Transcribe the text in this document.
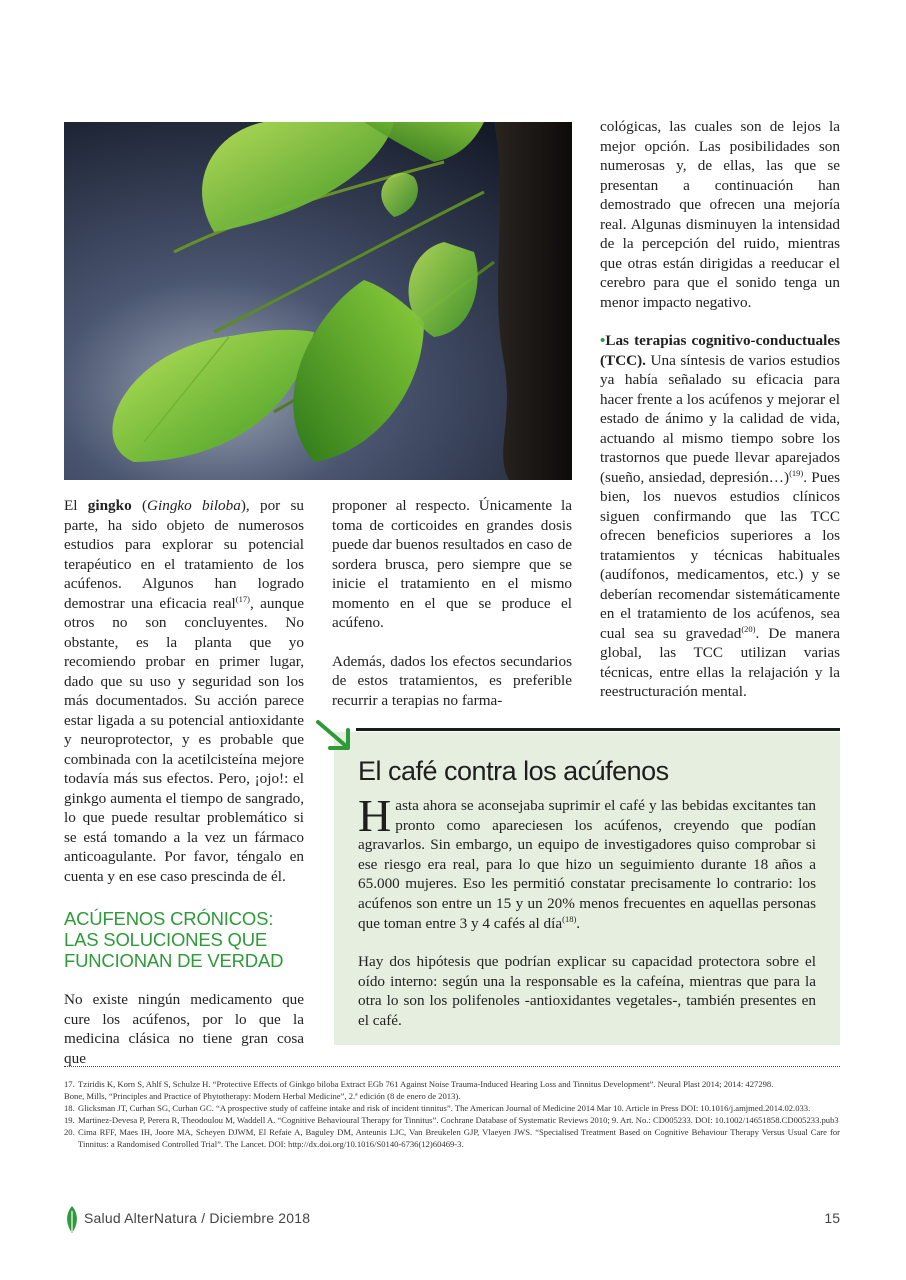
El gingko (Gingko biloba), por su parte, ha sido objeto de numerosos estudios para explorar su potencial terapéutico en el tratamiento de los acúfenos. Algunos han logrado demostrar una eficacia real$^{(17)}$, aunque otros no son concluyentes. No obstante, es la planta que yo recomiendo probar en primer lugar, dado que su uso y seguridad son los más documentados. Su acción parece estar ligada a su potencial antioxidante y neuroprotector, y es probable que combinada con la acetilcisteína mejore todavía más sus efectos. Pero, ¡ojo!: el ginkgo aumenta el tiempo de sangrado, lo que puede resultar problemático si se está tomando a la vez un fármaco anticoagulante. Por favor, téngalo en cuenta y en ese caso prescinda de él.

ACÚFENOS CRÓNICOS: LAS SOLUCIONES QUE FUNCIONAN DE VERDAD

No existe ningún medicamento que cure los acúfenos, por lo que la medicina clásica no tiene gran cosa que

proponer al respecto. Únicamente la toma de corticoides en grandes dosis puede dar buenos resultados en caso de sordera brusca, pero siempre que se inicie el tratamiento en el mismo momento en el que se produce el acúfeno.

Además, dados los efectos secundarios de estos tratamientos, es preferible recurrir a terapias no farma-

cológicas, las cuales son de lejos la mejor opción. Las posibilidades son numerosas y, de ellas, las que se presentan a continuación han demostrado que ofrecen una mejoría real. Algunas disminuyen la intensidad de la percepción del ruido, mientras que otras están dirigidas a reeducar el cerebro para que el sonido tenga un menor impacto negativo.

•Las terapias cognitivo-conductuales (TCC). Una síntesis de varios estudios ya había señalado su eficacia para hacer frente a los acúfenos y mejorar el estado de ánimo y la calidad de vida, actuando al mismo tiempo sobre los trastornos que puede llevar aparejados (sueño, ansiedad, depresión…)$^{(19)}$. Pues bien, los nuevos estudios clínicos siguen confirmando que las TCC ofrecen beneficios superiores a los tratamientos y técnicas habituales (audífonos, medicamentos, etc.) y se deberían recomendar sistemáticamente en el tratamiento de los acúfenos, sea cual sea su gravedad$^{(20)}$. De manera global, las TCC utilizan varias técnicas, entre ellas la relajación y la reestructuración mental.

El café contra los acúfenos

Hasta ahora se aconsejaba suprimir el café y las bebidas excitantes tan pronto como apareciesen los acúfenos, creyendo que podían agravarlos. Sin embargo, un equipo de investigadores quiso comprobar si ese riesgo era real, para lo que hizo un seguimiento durante 18 años a 65.000 mujeres. Eso les permitió constatar precisamente lo contrario: los acúfenos son entre un 15 y un 20% menos frecuentes en aquellas personas que toman entre 3 y 4 cafés al día$^{(18)}$.

Hay dos hipótesis que podrían explicar su capacidad protectora sobre el oído interno: según una la responsable es la cafeína, mientras que para la otra lo son los polifenoles -antioxidantes vegetales-, también presentes en el café.

17. Tziridis K, Korn S, Ahlf S, Schulze H. “Protective Effects of Ginkgo biloba Extract EGb 761 Against Noise Trauma-Induced Hearing Loss and Tinnitus Development”. Neural Plast 2014; 2014: 427298.
Bone, Mills, “Principles and Practice of Phytotherapy: Modern Herbal Medicine”, 2.ª edición (8 de enero de 2013).
18. Glicksman JT, Curhan SG, Curhan GC. “A prospective study of caffeine intake and risk of incident tinnitus”. The American Journal of Medicine 2014 Mar 10. Article in Press DOI: 10.1016/j.amjmed.2014.02.033.
19. Martinez-Devesa P, Perera R, Theodoulou M, Waddell A. “Cognitive Behavioural Therapy for Tinnitus”. Cochrane Database of Systematic Reviews 2010; 9. Art. No.: CD005233. DOI: 10.1002/14651858.CD005233.pub3
20. Cima RFF, Maes IH, Joore MA, Scheyen DJWM, El Refaie A, Baguley DM, Anteunis LJC, Van Breukelen GJP, Vlaeyen JWS. “Specialised Treatment Based on Cognitive Behaviour Therapy Versus Usual Care for Tinnitus: a Randomised Controlled Trial”. The Lancet. DOI: http://dx.doi.org/10.1016/S0140-6736(12)60469-3.
Salud AlterNatura / Diciembre 2018	15
